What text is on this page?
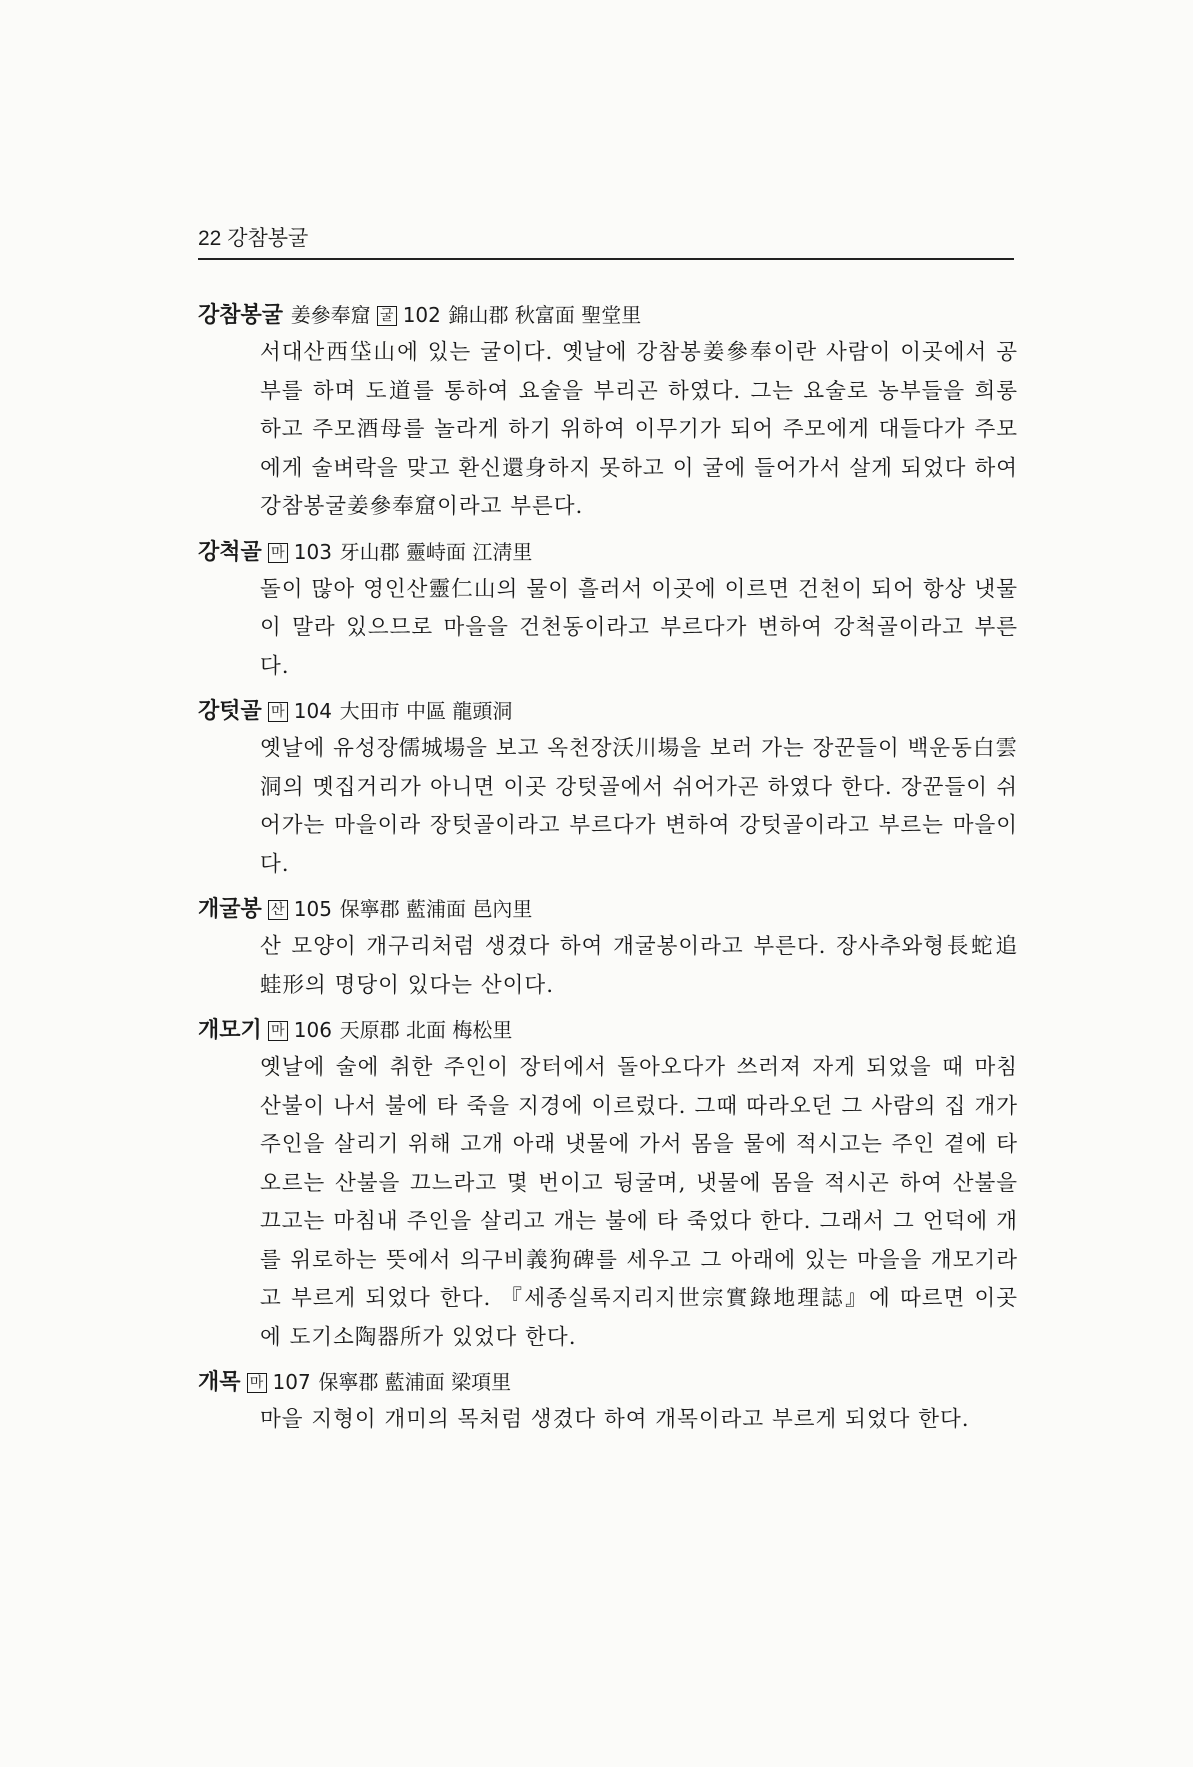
22 강참봉굴
강참봉굴 姜參奉窟 굴 102 錦山郡 秋富面 聖堂里
서대산西垈山에 있는 굴이다. 옛날에 강참봉姜參奉이란 사람이 이곳에서 공부를 하며 도道를 통하여 요술을 부리곤 하였다. 그는 요술로 농부들을 희롱하고 주모酒母를 놀라게 하기 위하여 이무기가 되어 주모에게 대들다가 주모에게 술벼락을 맞고 환신還身하지 못하고 이 굴에 들어가서 살게 되었다 하여 강참봉굴姜參奉窟이라고 부른다.
강척골 마 103 牙山郡 靈峙面 江淸里
돌이 많아 영인산靈仁山의 물이 흘러서 이곳에 이르면 건천이 되어 항상 냇물이 말라 있으므로 마을을 건천동이라고 부르다가 변하여 강척골이라고 부른다.
강텃골 마 104 大田市 中區 龍頭洞
옛날에 유성장儒城場을 보고 옥천장沃川場을 보러 가는 장꾼들이 백운동白雲洞의 몟집거리가 아니면 이곳 강텃골에서 쉬어가곤 하였다 한다. 장꾼들이 쉬어가는 마을이라 장텃골이라고 부르다가 변하여 강텃골이라고 부르는 마을이다.
개굴봉 산 105 保寧郡 藍浦面 邑內里
산 모양이 개구리처럼 생겼다 하여 개굴봉이라고 부른다. 장사추와형長蛇追蛙形의 명당이 있다는 산이다.
개모기 마 106 天原郡 北面 梅松里
옛날에 술에 취한 주인이 장터에서 돌아오다가 쓰러져 자게 되었을 때 마침 산불이 나서 불에 타 죽을 지경에 이르렀다. 그때 따라오던 그 사람의 집 개가 주인을 살리기 위해 고개 아래 냇물에 가서 몸을 물에 적시고는 주인 곁에 타오르는 산불을 끄느라고 몇 번이고 뒹굴며, 냇물에 몸을 적시곤 하여 산불을 끄고는 마침내 주인을 살리고 개는 불에 타 죽었다 한다. 그래서 그 언덕에 개를 위로하는 뜻에서 의구비義狗碑를 세우고 그 아래에 있는 마을을 개모기라고 부르게 되었다 한다. 『세종실록지리지世宗實錄地理誌』에 따르면 이곳에 도기소陶器所가 있었다 한다.
개목 마 107 保寧郡 藍浦面 梁項里
마을 지형이 개미의 목처럼 생겼다 하여 개목이라고 부르게 되었다 한다.
